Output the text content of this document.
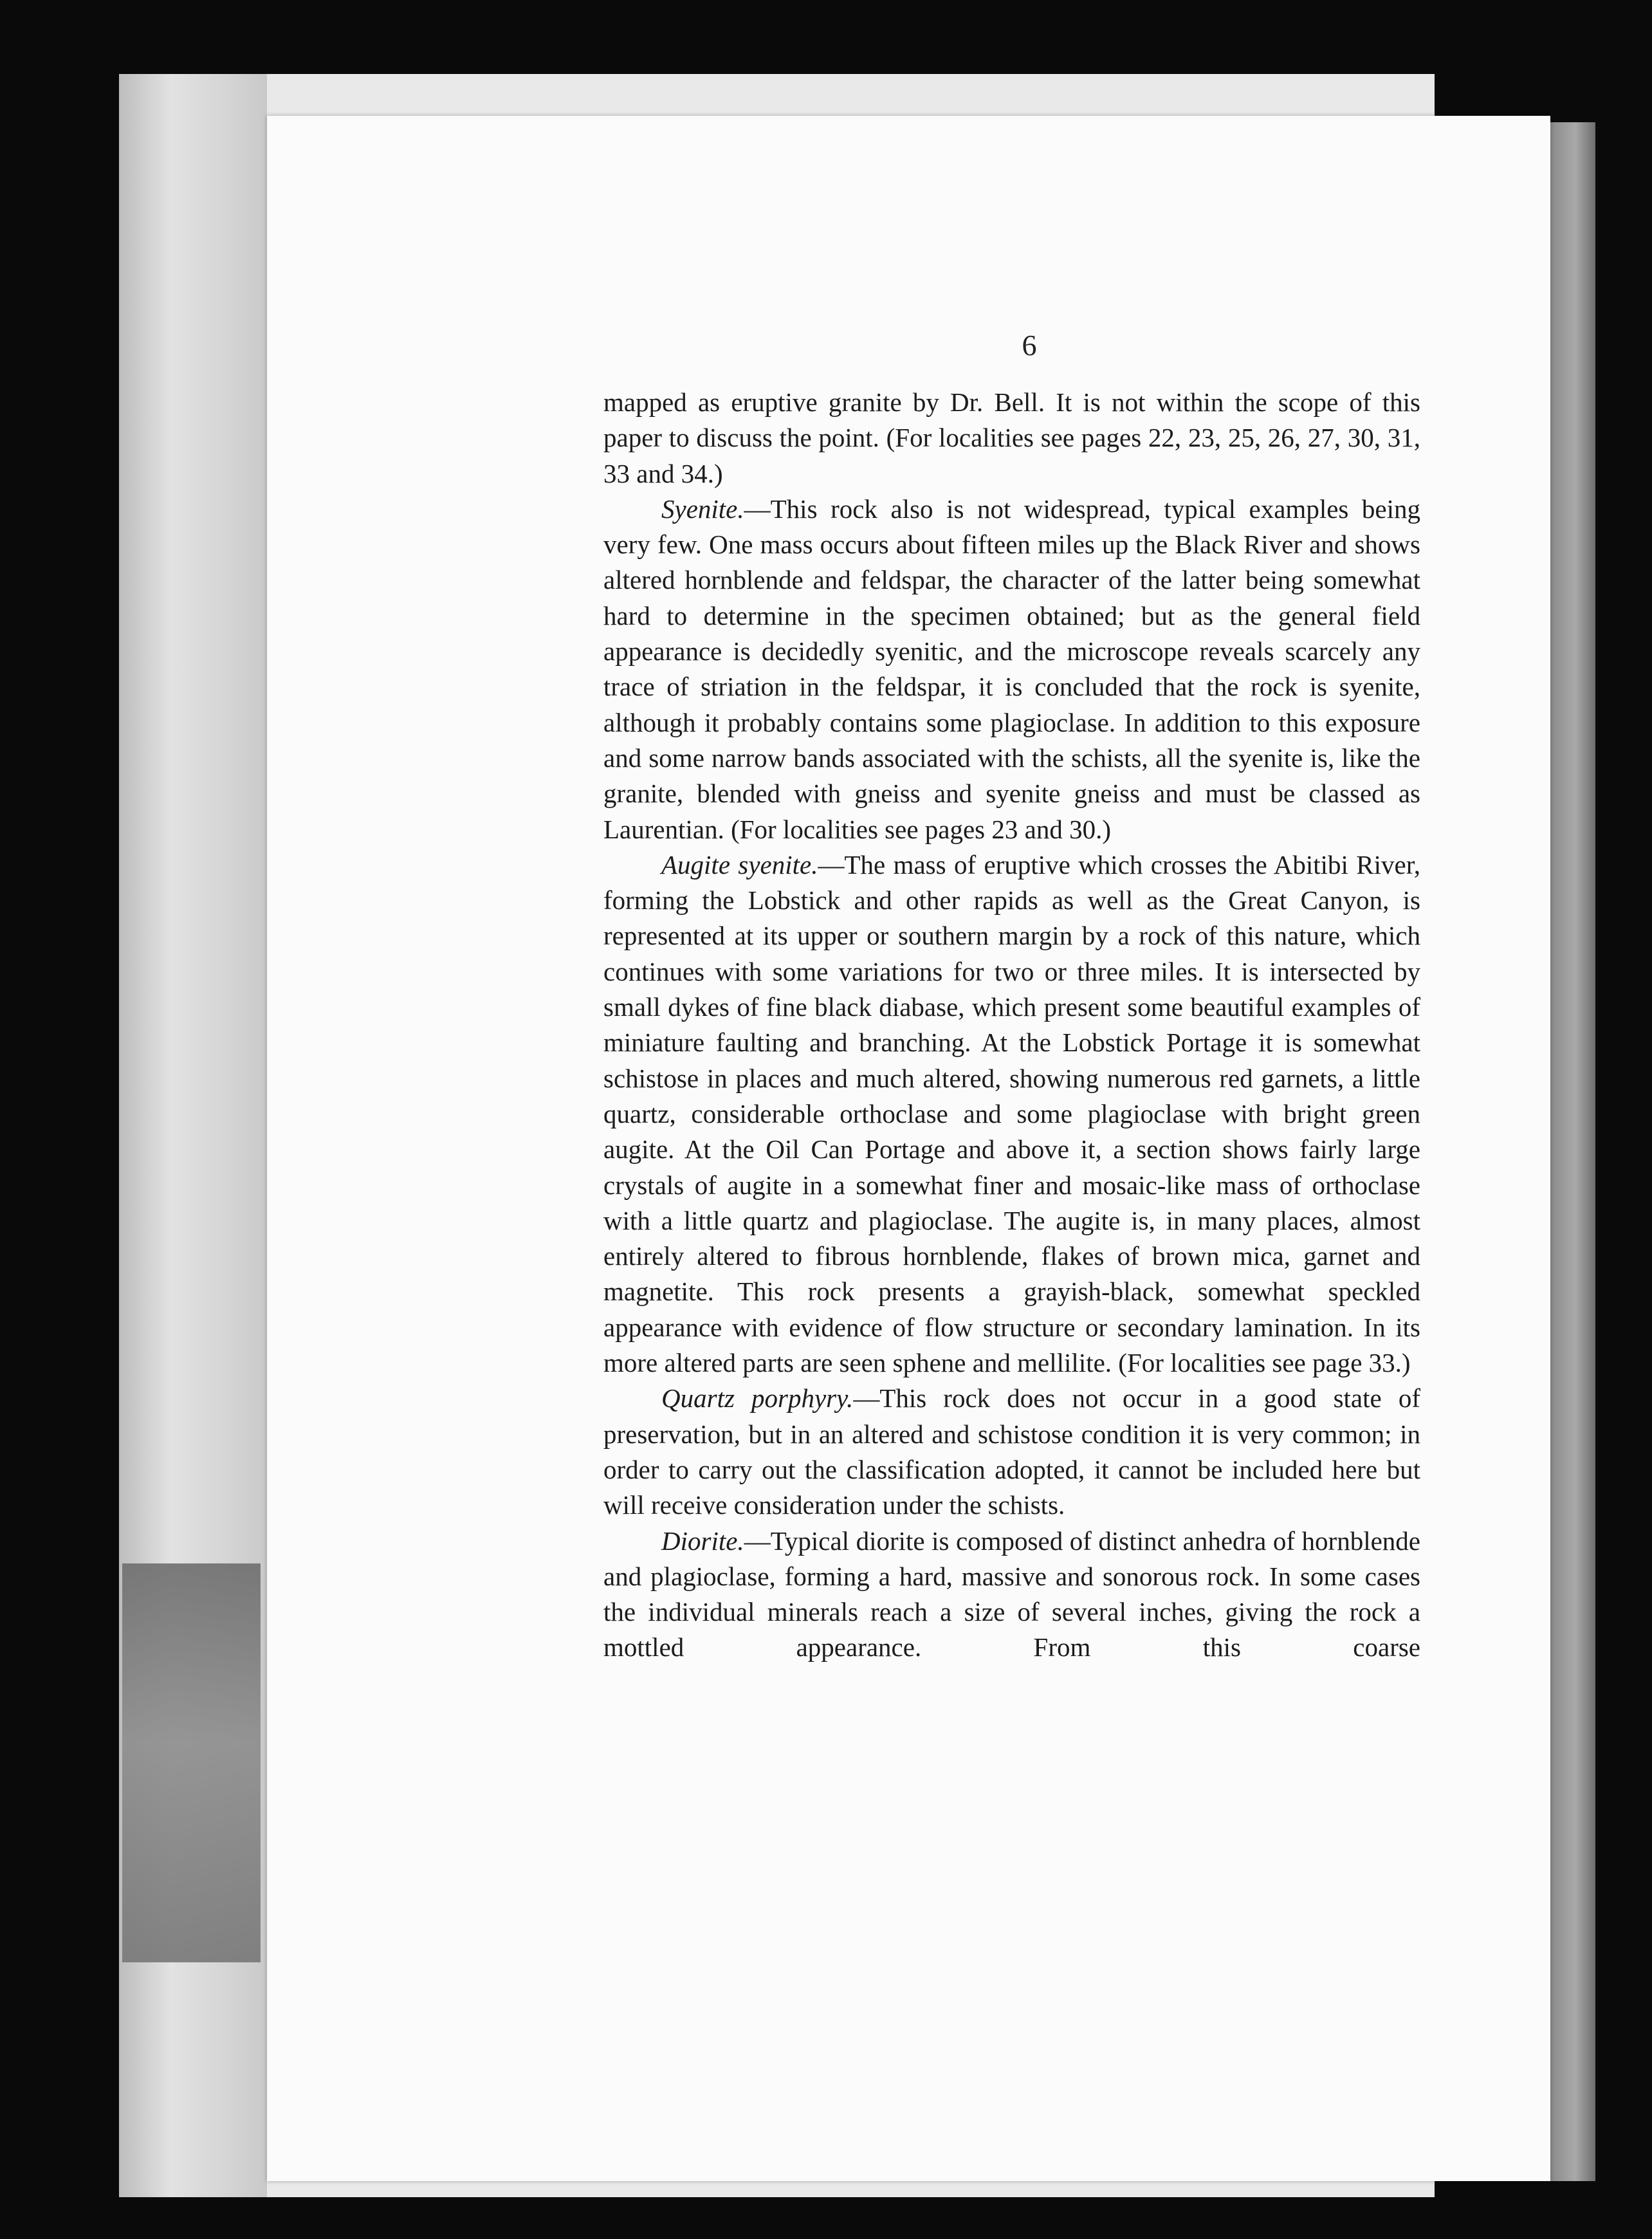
6

mapped as eruptive granite by Dr. Bell. It is not within the scope of this paper to discuss the point. (For localities see pages 22, 23, 25, 26, 27, 30, 31, 33 and 34.)

Syenite.—This rock also is not widespread, typical examples being very few. One mass occurs about fifteen miles up the Black River and shows altered hornblende and feldspar, the character of the latter being somewhat hard to determine in the specimen obtained; but as the general field appearance is decidedly syenitic, and the microscope reveals scarcely any trace of striation in the feldspar, it is concluded that the rock is syenite, although it probably contains some plagioclase. In addition to this exposure and some narrow bands associated with the schists, all the syenite is, like the granite, blended with gneiss and syenite gneiss and must be classed as Laurentian. (For localities see pages 23 and 30.)

Augite syenite.—The mass of eruptive which crosses the Abitibi River, forming the Lobstick and other rapids as well as the Great Canyon, is represented at its upper or southern margin by a rock of this nature, which continues with some variations for two or three miles. It is intersected by small dykes of fine black diabase, which present some beautiful examples of miniature faulting and branching. At the Lobstick Portage it is somewhat schistose in places and much altered, showing numerous red garnets, a little quartz, considerable orthoclase and some plagioclase with bright green augite. At the Oil Can Portage and above it, a section shows fairly large crystals of augite in a somewhat finer and mosaic-like mass of orthoclase with a little quartz and plagioclase. The augite is, in many places, almost entirely altered to fibrous hornblende, flakes of brown mica, garnet and magnetite. This rock presents a grayish-black, somewhat speckled appearance with evidence of flow structure or secondary lamination. In its more altered parts are seen sphene and mellilite. (For localities see page 33.)

Quartz porphyry.—This rock does not occur in a good state of preservation, but in an altered and schistose condition it is very common; in order to carry out the classification adopted, it cannot be included here but will receive consideration under the schists.

Diorite.—Typical diorite is composed of distinct anhedra of hornblende and plagioclase, forming a hard, massive and sonorous rock. In some cases the individual minerals reach a size of several inches, giving the rock a mottled appearance. From this coarse
